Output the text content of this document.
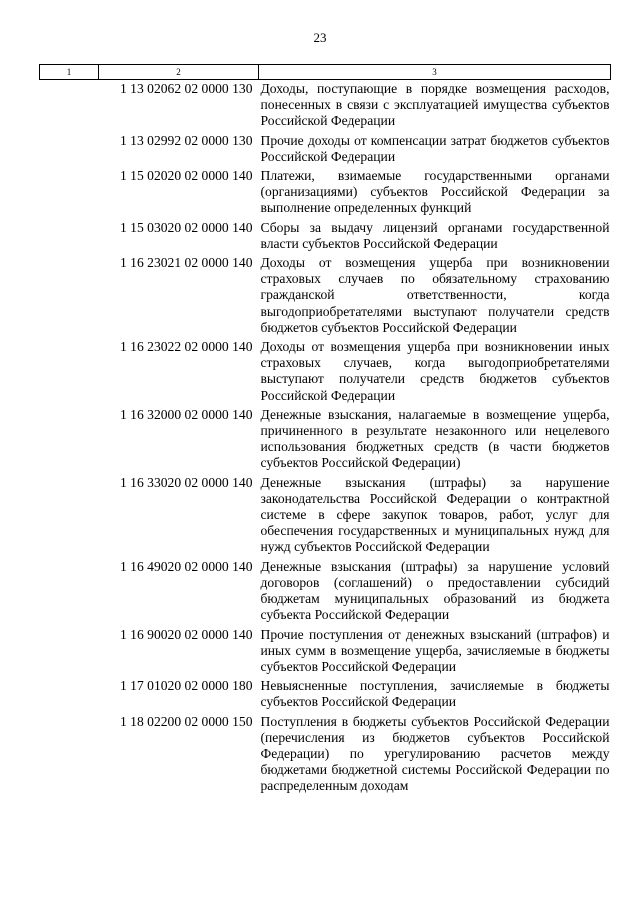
23
1	2	3
	1 13 02062 02 0000 130	Доходы, поступающие в порядке возмещения расходов, понесенных в связи с эксплуатацией имущества субъектов Российской Федерации
	1 13 02992 02 0000 130	Прочие доходы от компенсации затрат бюджетов субъектов Российской Федерации
	1 15 02020 02 0000 140	Платежи, взимаемые государственными органами (организациями) субъектов Российской Федерации за выполнение определенных функций
	1 15 03020 02 0000 140	Сборы за выдачу лицензий органами государственной власти субъектов Российской Федерации
	1 16 23021 02 0000 140	Доходы от возмещения ущерба при возникновении страховых случаев по обязательному страхованию гражданской ответственности, когда выгодоприобретателями выступают получатели средств бюджетов субъектов Российской Федерации
	1 16 23022 02 0000 140	Доходы от возмещения ущерба при возникновении иных страховых случаев, когда выгодоприобретателями выступают получатели средств бюджетов субъектов Российской Федерации
	1 16 32000 02 0000 140	Денежные взыскания, налагаемые в возмещение ущерба, причиненного в результате незаконного или нецелевого использования бюджетных средств (в части бюджетов субъектов Российской Федерации)
	1 16 33020 02 0000 140	Денежные взыскания (штрафы) за нарушение законодательства Российской Федерации о контрактной системе в сфере закупок товаров, работ, услуг для обеспечения государственных и муниципальных нужд для нужд субъектов Российской Федерации
	1 16 49020 02 0000 140	Денежные взыскания (штрафы) за нарушение условий договоров (соглашений) о предоставлении субсидий бюджетам муниципальных образований из бюджета субъекта Российской Федерации
	1 16 90020 02 0000 140	Прочие поступления от денежных взысканий (штрафов) и иных сумм в возмещение ущерба, зачисляемые в бюджеты субъектов Российской Федерации
	1 17 01020 02 0000 180	Невыясненные поступления, зачисляемые в бюджеты субъектов Российской Федерации
	1 18 02200 02 0000 150	Поступления в бюджеты субъектов Российской Федерации (перечисления из бюджетов субъектов Российской Федерации) по урегулированию расчетов между бюджетами бюджетной системы Российской Федерации по распределенным доходам
